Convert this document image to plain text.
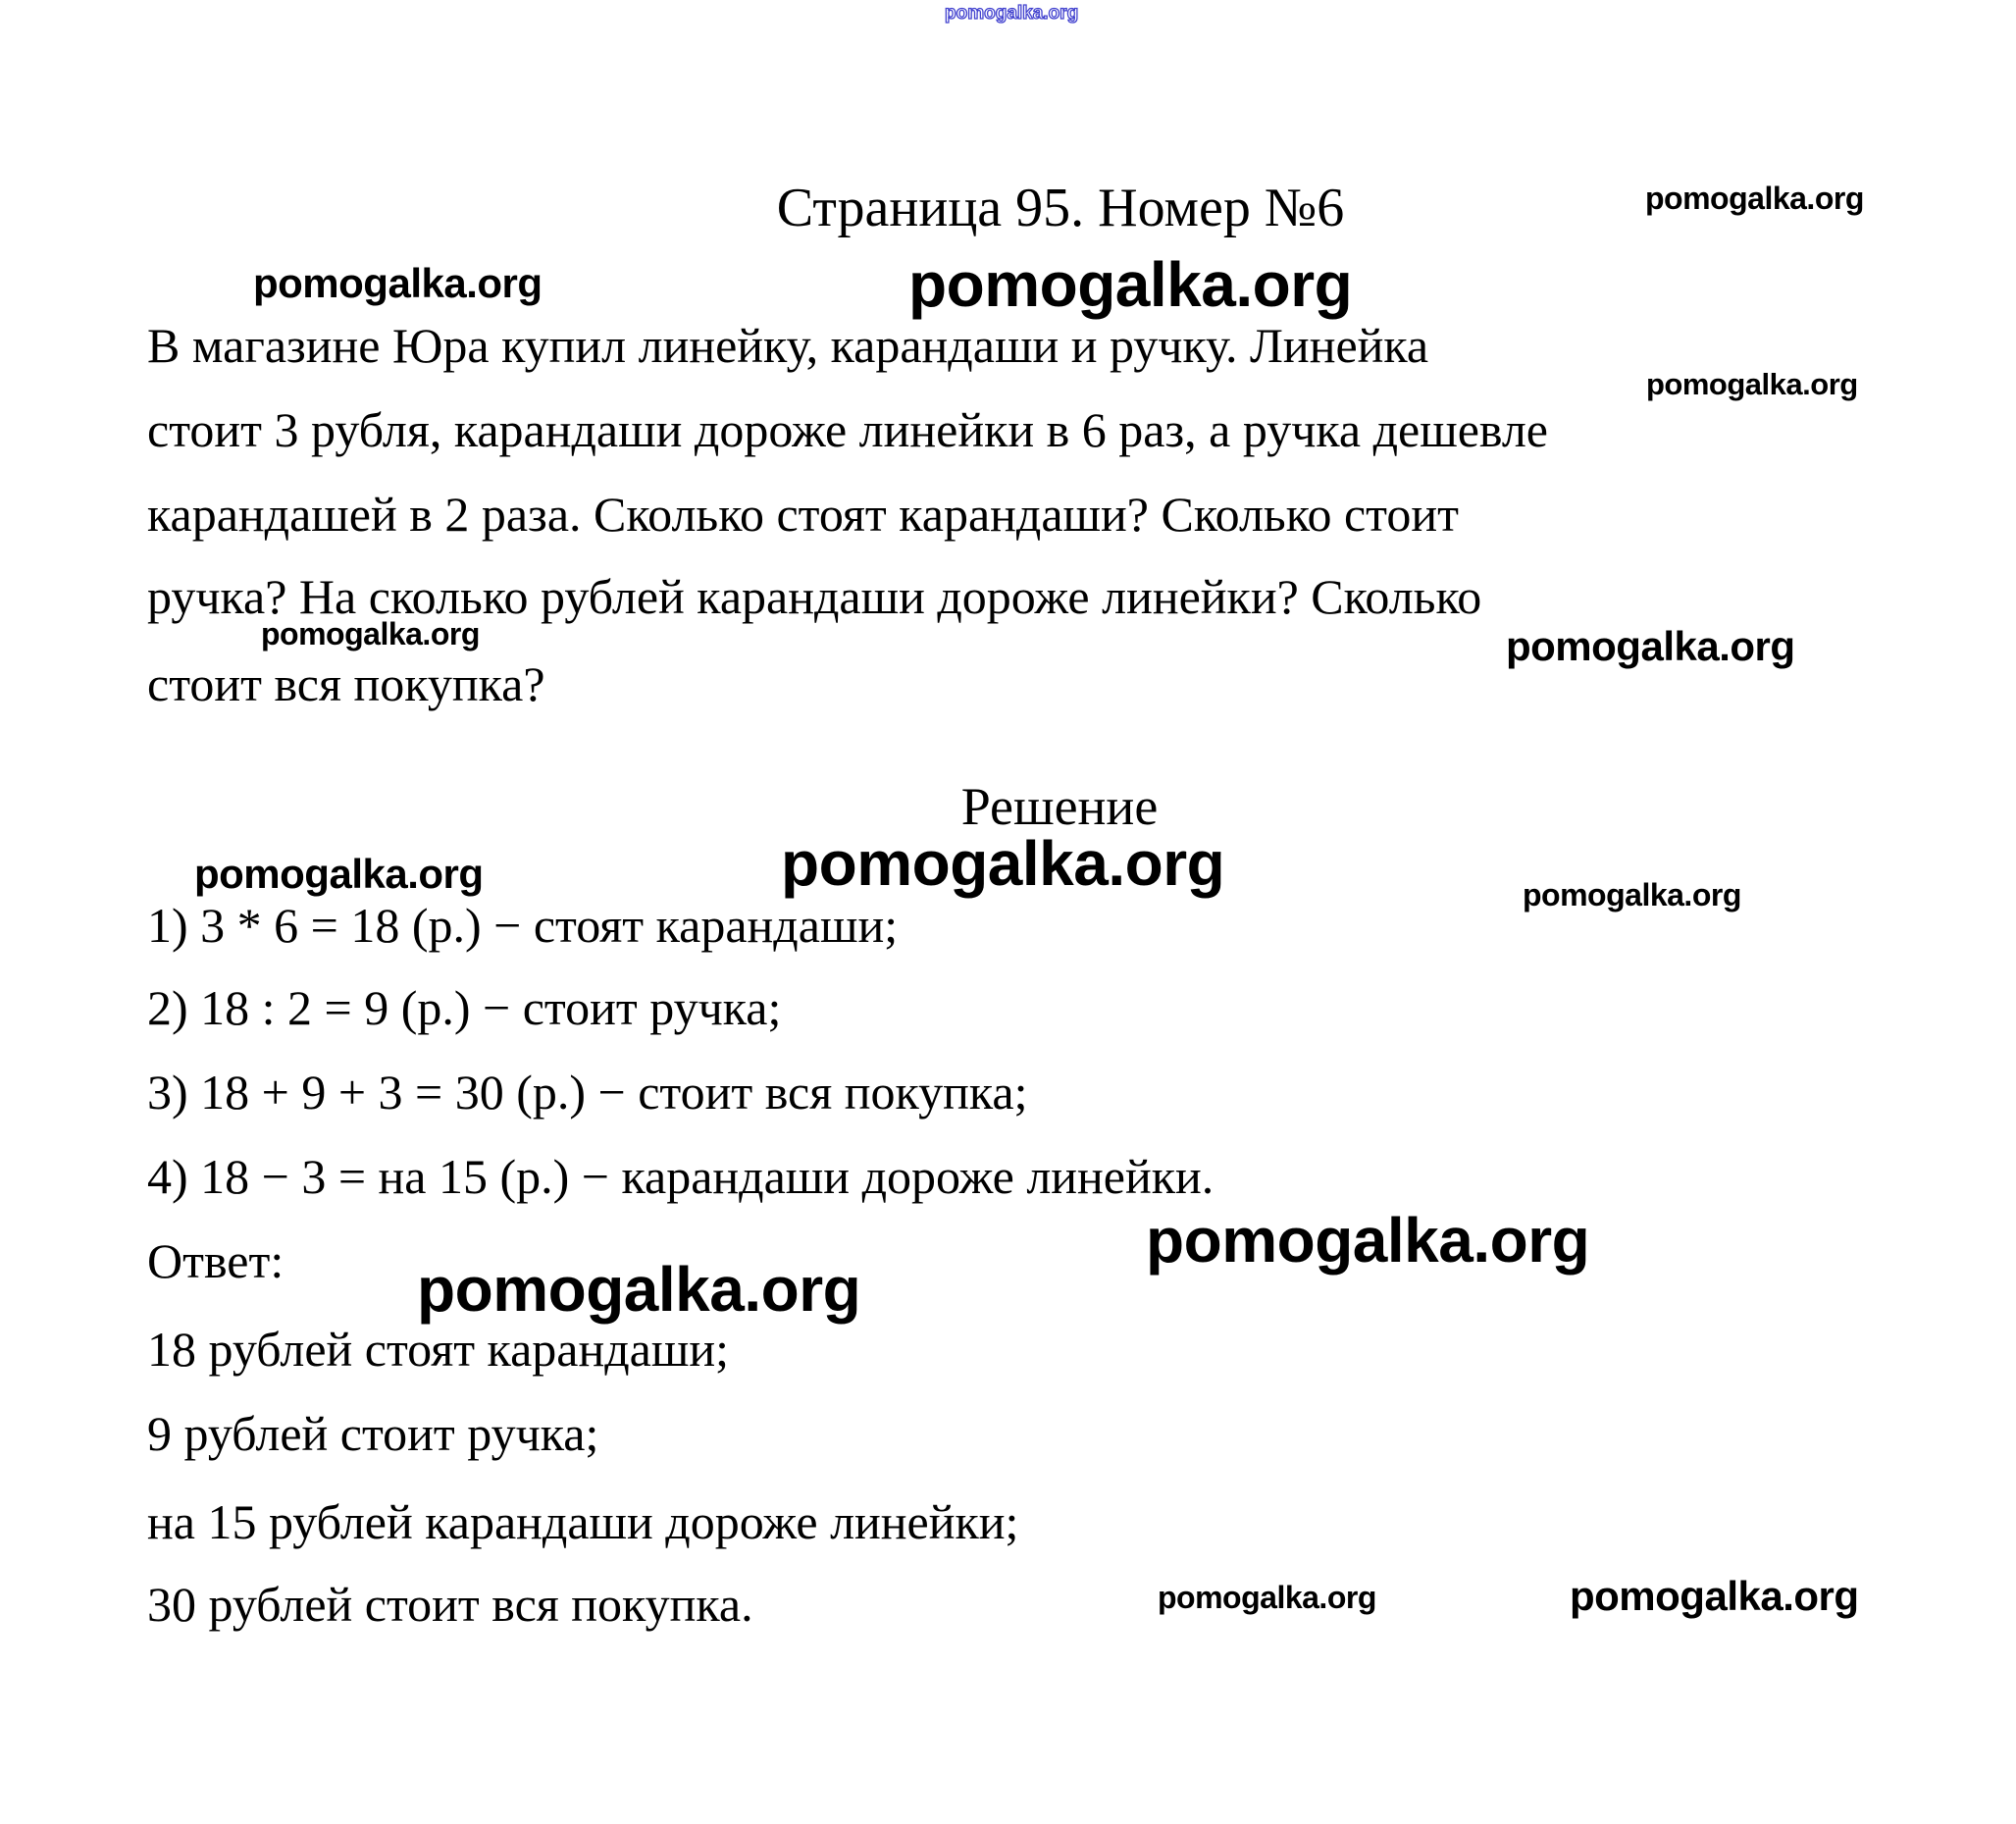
pomogalka.org
pomogalka.org
pomogalka.org	pomogalka.org
pomogalka.org
pomogalka.org	pomogalka.org
pomogalka.org	pomogalka.org	pomogalka.org
pomogalka.org
pomogalka.org
pomogalka.org	pomogalka.org
Страница 95. Номер №6
В магазине Юра купил линейку, карандаши и ручку. Линейка
стоит 3 рубля, карандаши дороже линейки в 6 раз, а ручка дешевле
карандашей в 2 раза. Сколько стоят карандаши? Сколько стоит
ручка? На сколько рублей карандаши дороже линейки? Сколько
стоит вся покупка?
Решение
1) 3 * 6 = 18 (р.) − стоят карандаши;
2) 18 : 2 = 9 (р.) − стоит ручка;
3) 18 + 9 + 3 = 30 (р.) − стоит вся покупка;
4) 18 − 3 = на 15 (р.) − карандаши дороже линейки.
Ответ:
18 рублей стоят карандаши;
9 рублей стоит ручка;
на 15 рублей карандаши дороже линейки;
30 рублей стоит вся покупка.
